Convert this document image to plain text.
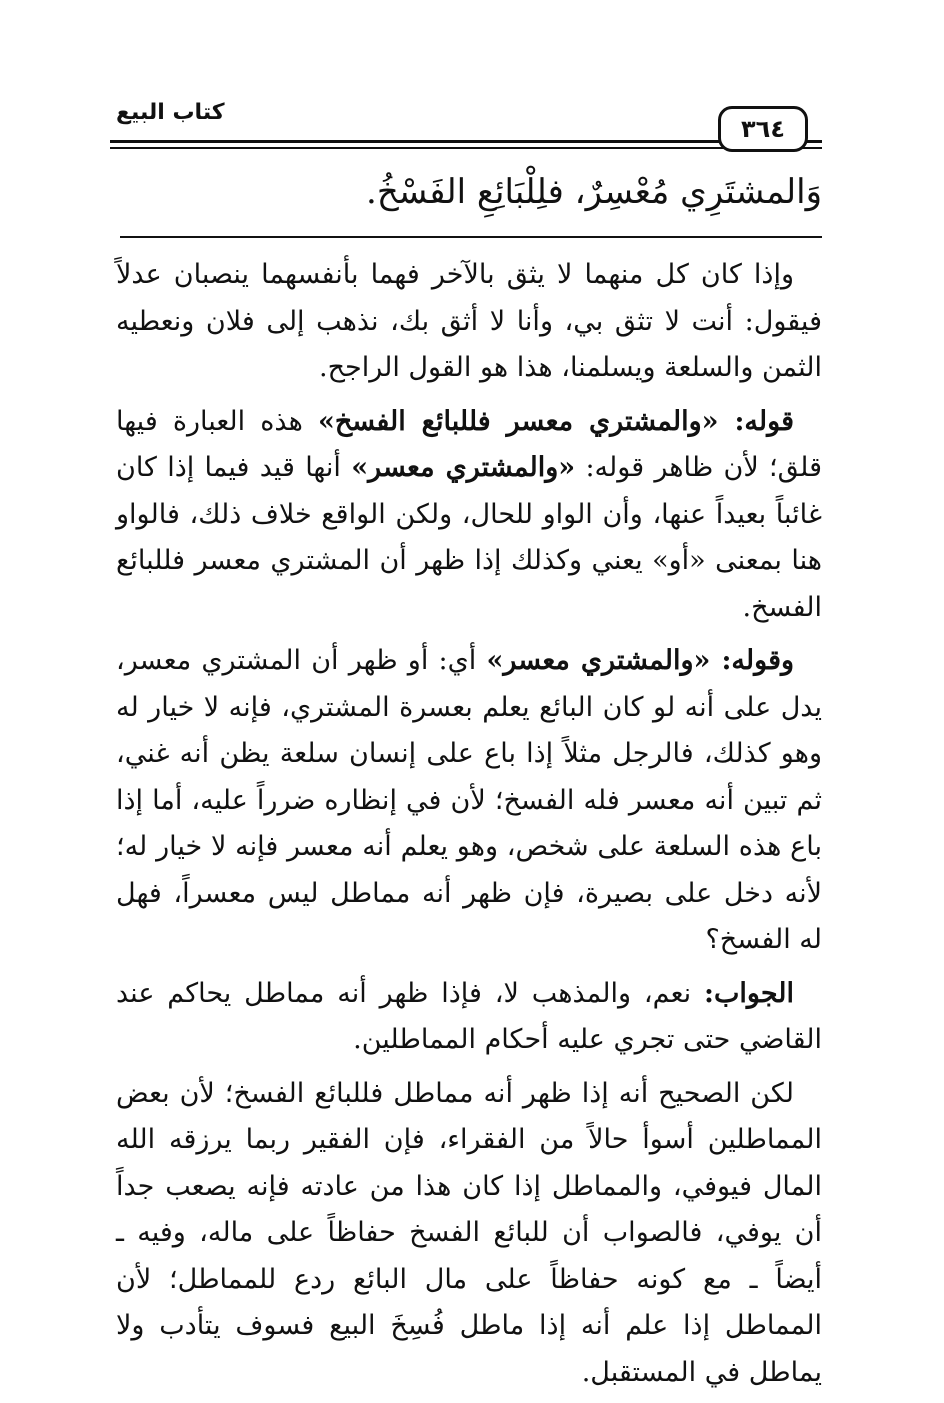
كتاب البيع
٣٦٤
وَالمشتَرِي مُعْسِرٌ، فلِلْبَائِعِ الفَسْخُ.

وإذا كان كل منهما لا يثق بالآخر فهما بأنفسهما ينصبان عدلاً فيقول: أنت لا تثق بي، وأنا لا أثق بك، نذهب إلى فلان ونعطيه الثمن والسلعة ويسلمنا، هذا هو القول الراجح.

قوله: «والمشتري معسر فللبائع الفسخ» هذه العبارة فيها قلق؛ لأن ظاهر قوله: «والمشتري معسر» أنها قيد فيما إذا كان غائباً بعيداً عنها، وأن الواو للحال، ولكن الواقع خلاف ذلك، فالواو هنا بمعنى «أو» يعني وكذلك إذا ظهر أن المشتري معسر فللبائع الفسخ.

وقوله: «والمشتري معسر» أي: أو ظهر أن المشتري معسر، يدل على أنه لو كان البائع يعلم بعسرة المشتري، فإنه لا خيار له وهو كذلك، فالرجل مثلاً إذا باع على إنسان سلعة يظن أنه غني، ثم تبين أنه معسر فله الفسخ؛ لأن في إنظاره ضرراً عليه، أما إذا باع هذه السلعة على شخص، وهو يعلم أنه معسر فإنه لا خيار له؛ لأنه دخل على بصيرة، فإن ظهر أنه مماطل ليس معسراً، فهل له الفسخ؟

الجواب: نعم، والمذهب لا، فإذا ظهر أنه مماطل يحاكم عند القاضي حتى تجري عليه أحكام المماطلين.

لكن الصحيح أنه إذا ظهر أنه مماطل فللبائع الفسخ؛ لأن بعض المماطلين أسوأ حالاً من الفقراء، فإن الفقير ربما يرزقه الله المال فيوفي، والمماطل إذا كان هذا من عادته فإنه يصعب جداً أن يوفي، فالصواب أن للبائع الفسخ حفاظاً على ماله، وفيه ـ أيضاً ـ مع كونه حفاظاً على مال البائع ردع للمماطل؛ لأن المماطل إذا علم أنه إذا ماطل فُسِخَ البيع فسوف يتأدب ولا يماطل في المستقبل.
